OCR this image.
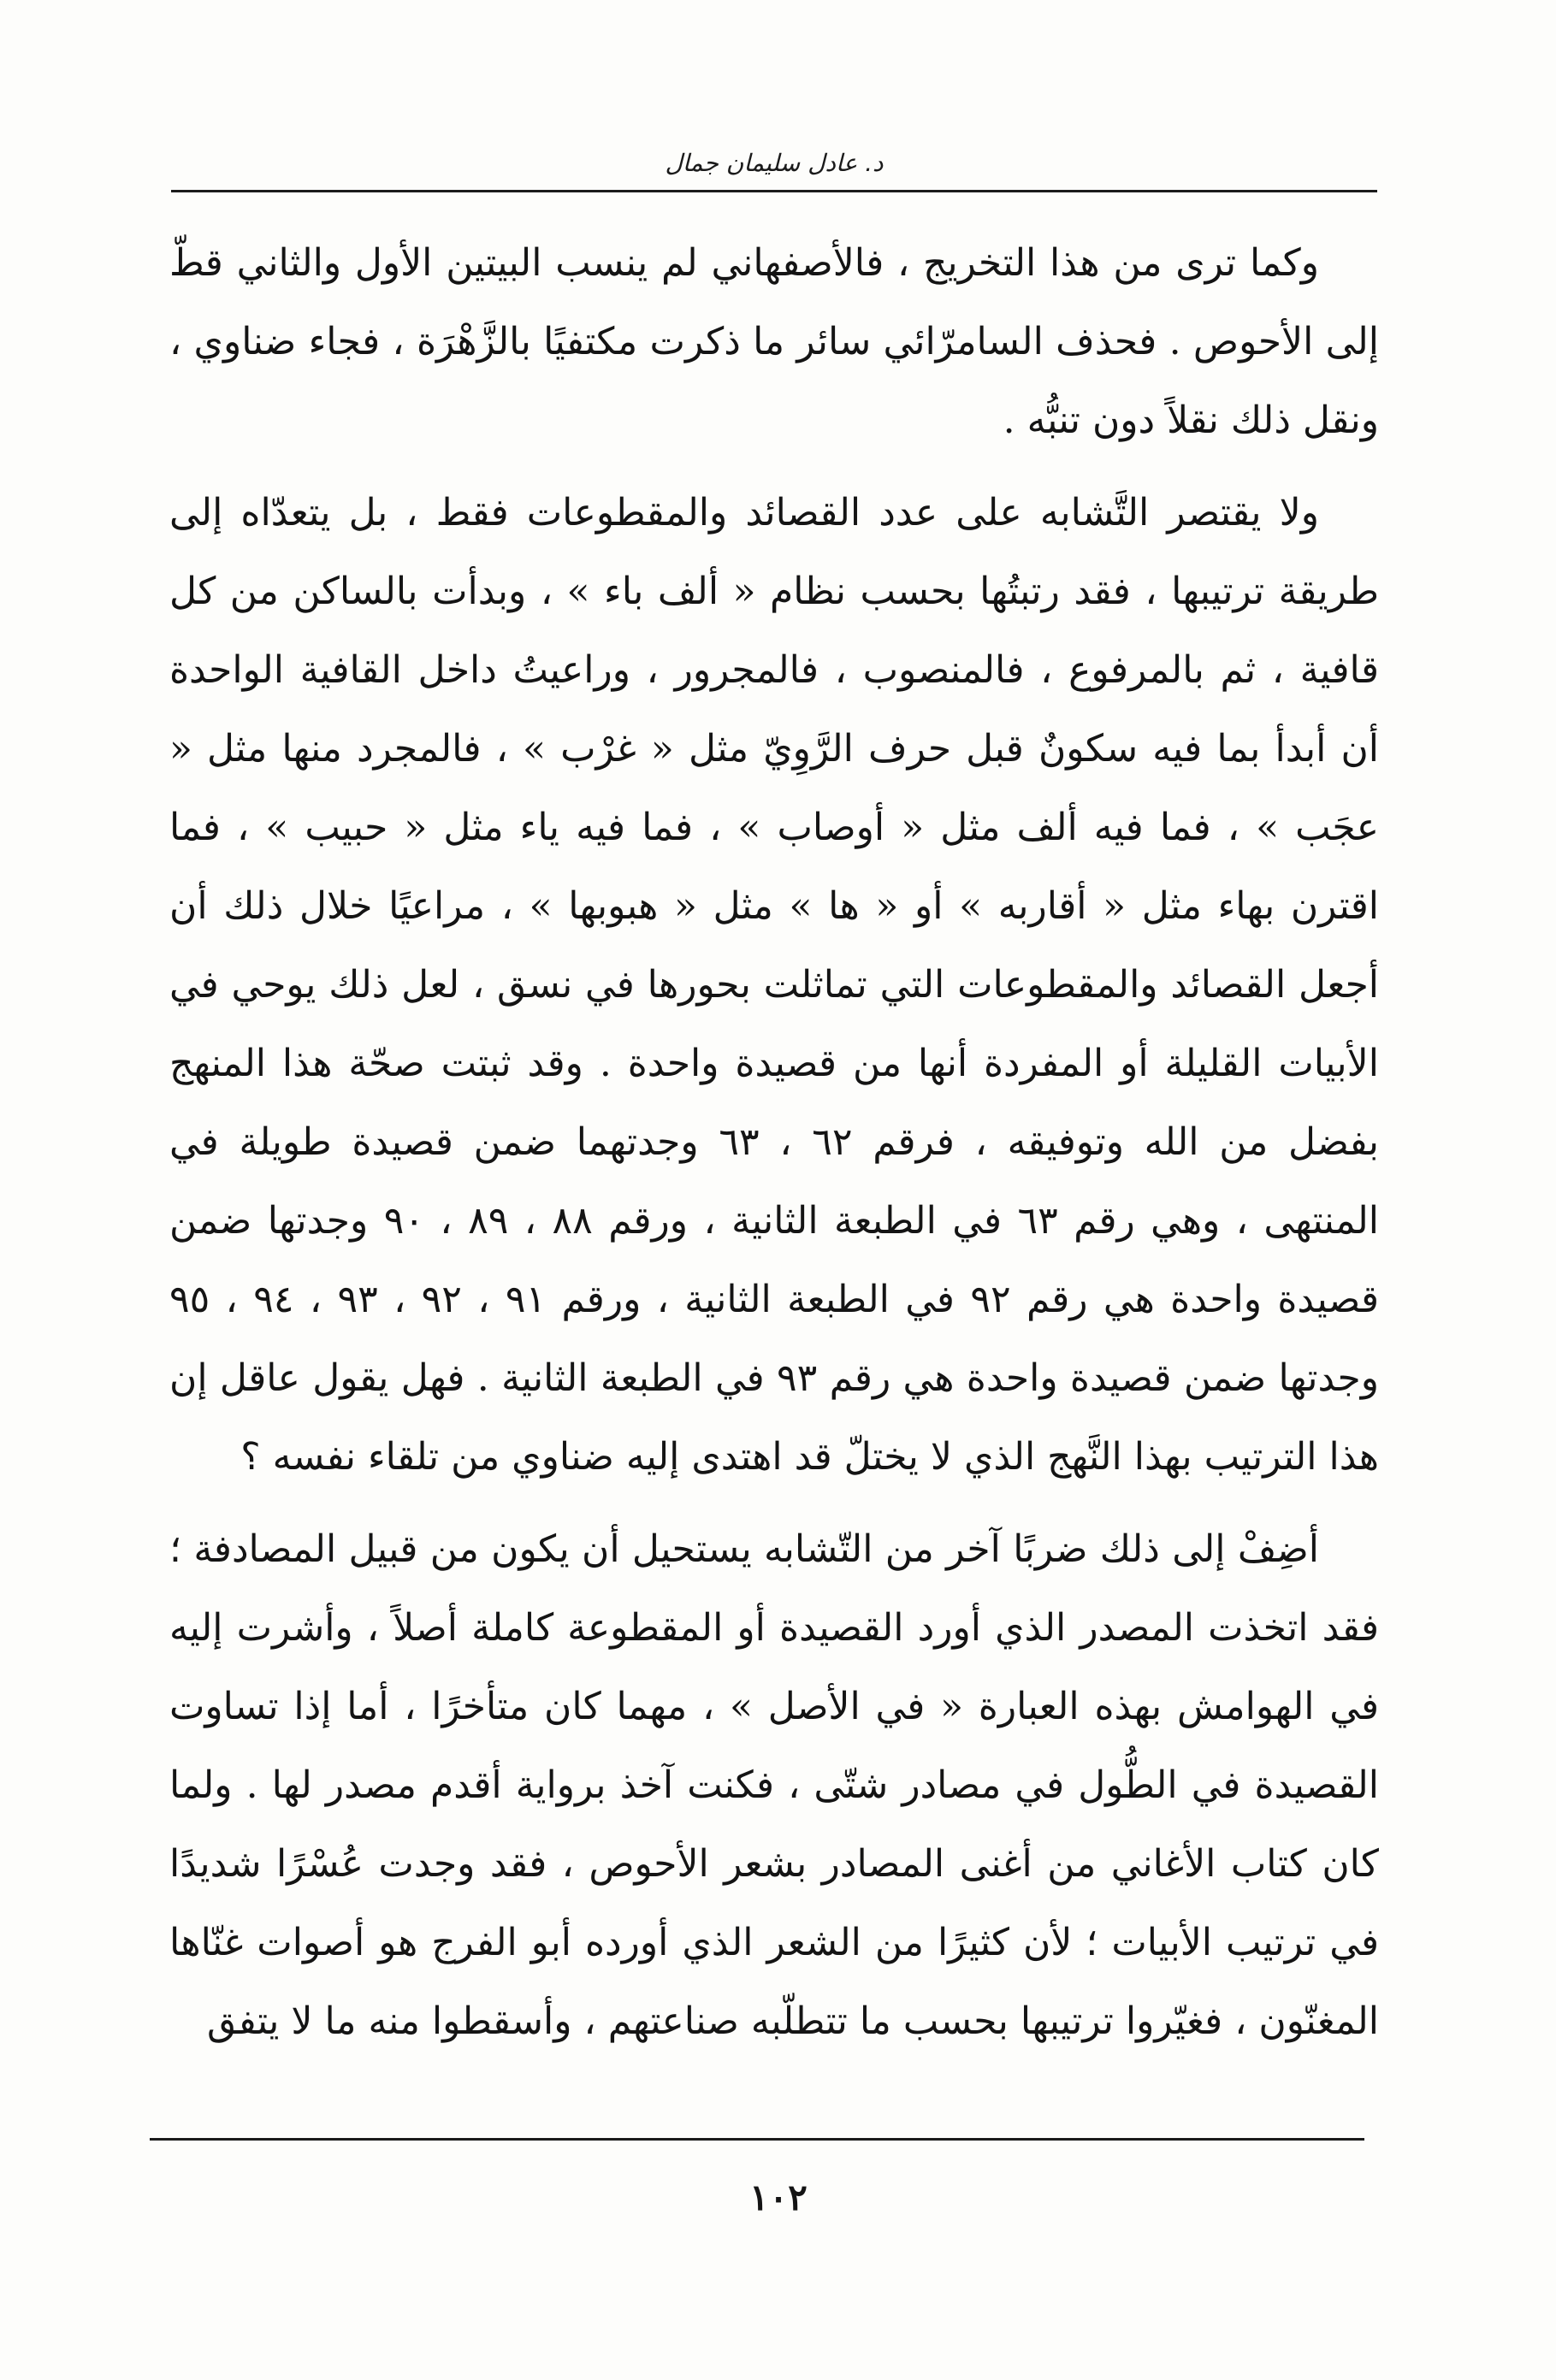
د. عادل سليمان جمال

وكما ترى من هذا التخريج ، فالأصفهاني لم ينسب البيتين الأول والثاني قطّ إلى الأحوص . فحذف السامرّائي سائر ما ذكرت مكتفيًا بالزَّهْرَة ، فجاء ضناوي ، ونقل ذلك نقلاً دون تنبُّه .

ولا يقتصر التَّشابه على عدد القصائد والمقطوعات فقط ، بل يتعدّاه إلى طريقة ترتيبها ، فقد رتبتُها بحسب نظام « ألف باء » ، وبدأت بالساكن من كل قافية ، ثم بالمرفوع ، فالمنصوب ، فالمجرور ، وراعيتُ داخل القافية الواحدة أن أبدأ بما فيه سكونٌ قبل حرف الرَّوِيّ مثل « غرْب » ، فالمجرد منها مثل « عجَب » ، فما فيه ألف مثل « أوصاب » ، فما فيه ياء مثل « حبيب » ، فما اقترن بهاء مثل « أقاربه » أو « ها » مثل « هبوبها » ، مراعيًا خلال ذلك أن أجعل القصائد والمقطوعات التي تماثلت بحورها في نسق ، لعل ذلك يوحي في الأبيات القليلة أو المفردة أنها من قصيدة واحدة . وقد ثبتت صحّة هذا المنهج بفضل من الله وتوفيقه ، فرقم ٦٢ ، ٦٣ وجدتهما ضمن قصيدة طويلة في المنتهى ، وهي رقم ٦٣ في الطبعة الثانية ، ورقم ٨٨ ، ٨٩ ، ٩٠ وجدتها ضمن قصيدة واحدة هي رقم ٩٢ في الطبعة الثانية ، ورقم ٩١ ، ٩٢ ، ٩٣ ، ٩٤ ، ٩٥ وجدتها ضمن قصيدة واحدة هي رقم ٩٣ في الطبعة الثانية . فهل يقول عاقل إن هذا الترتيب بهذا النَّهج الذي لا يختلّ قد اهتدى إليه ضناوي من تلقاء نفسه ؟

أضِفْ إلى ذلك ضربًا آخر من التّشابه يستحيل أن يكون من قبيل المصادفة ؛ فقد اتخذت المصدر الذي أورد القصيدة أو المقطوعة كاملة أصلاً ، وأشرت إليه في الهوامش بهذه العبارة « في الأصل » ، مهما كان متأخرًا ، أما إذا تساوت القصيدة في الطُّول في مصادر شتّى ، فكنت آخذ برواية أقدم مصدر لها . ولما كان كتاب الأغاني من أغنى المصادر بشعر الأحوص ، فقد وجدت عُسْرًا شديدًا في ترتيب الأبيات ؛ لأن كثيرًا من الشعر الذي أورده أبو الفرج هو أصوات غنّاها المغنّون ، فغيّروا ترتيبها بحسب ما تتطلّبه صناعتهم ، وأسقطوا منه ما لا يتفق

١٠٢
